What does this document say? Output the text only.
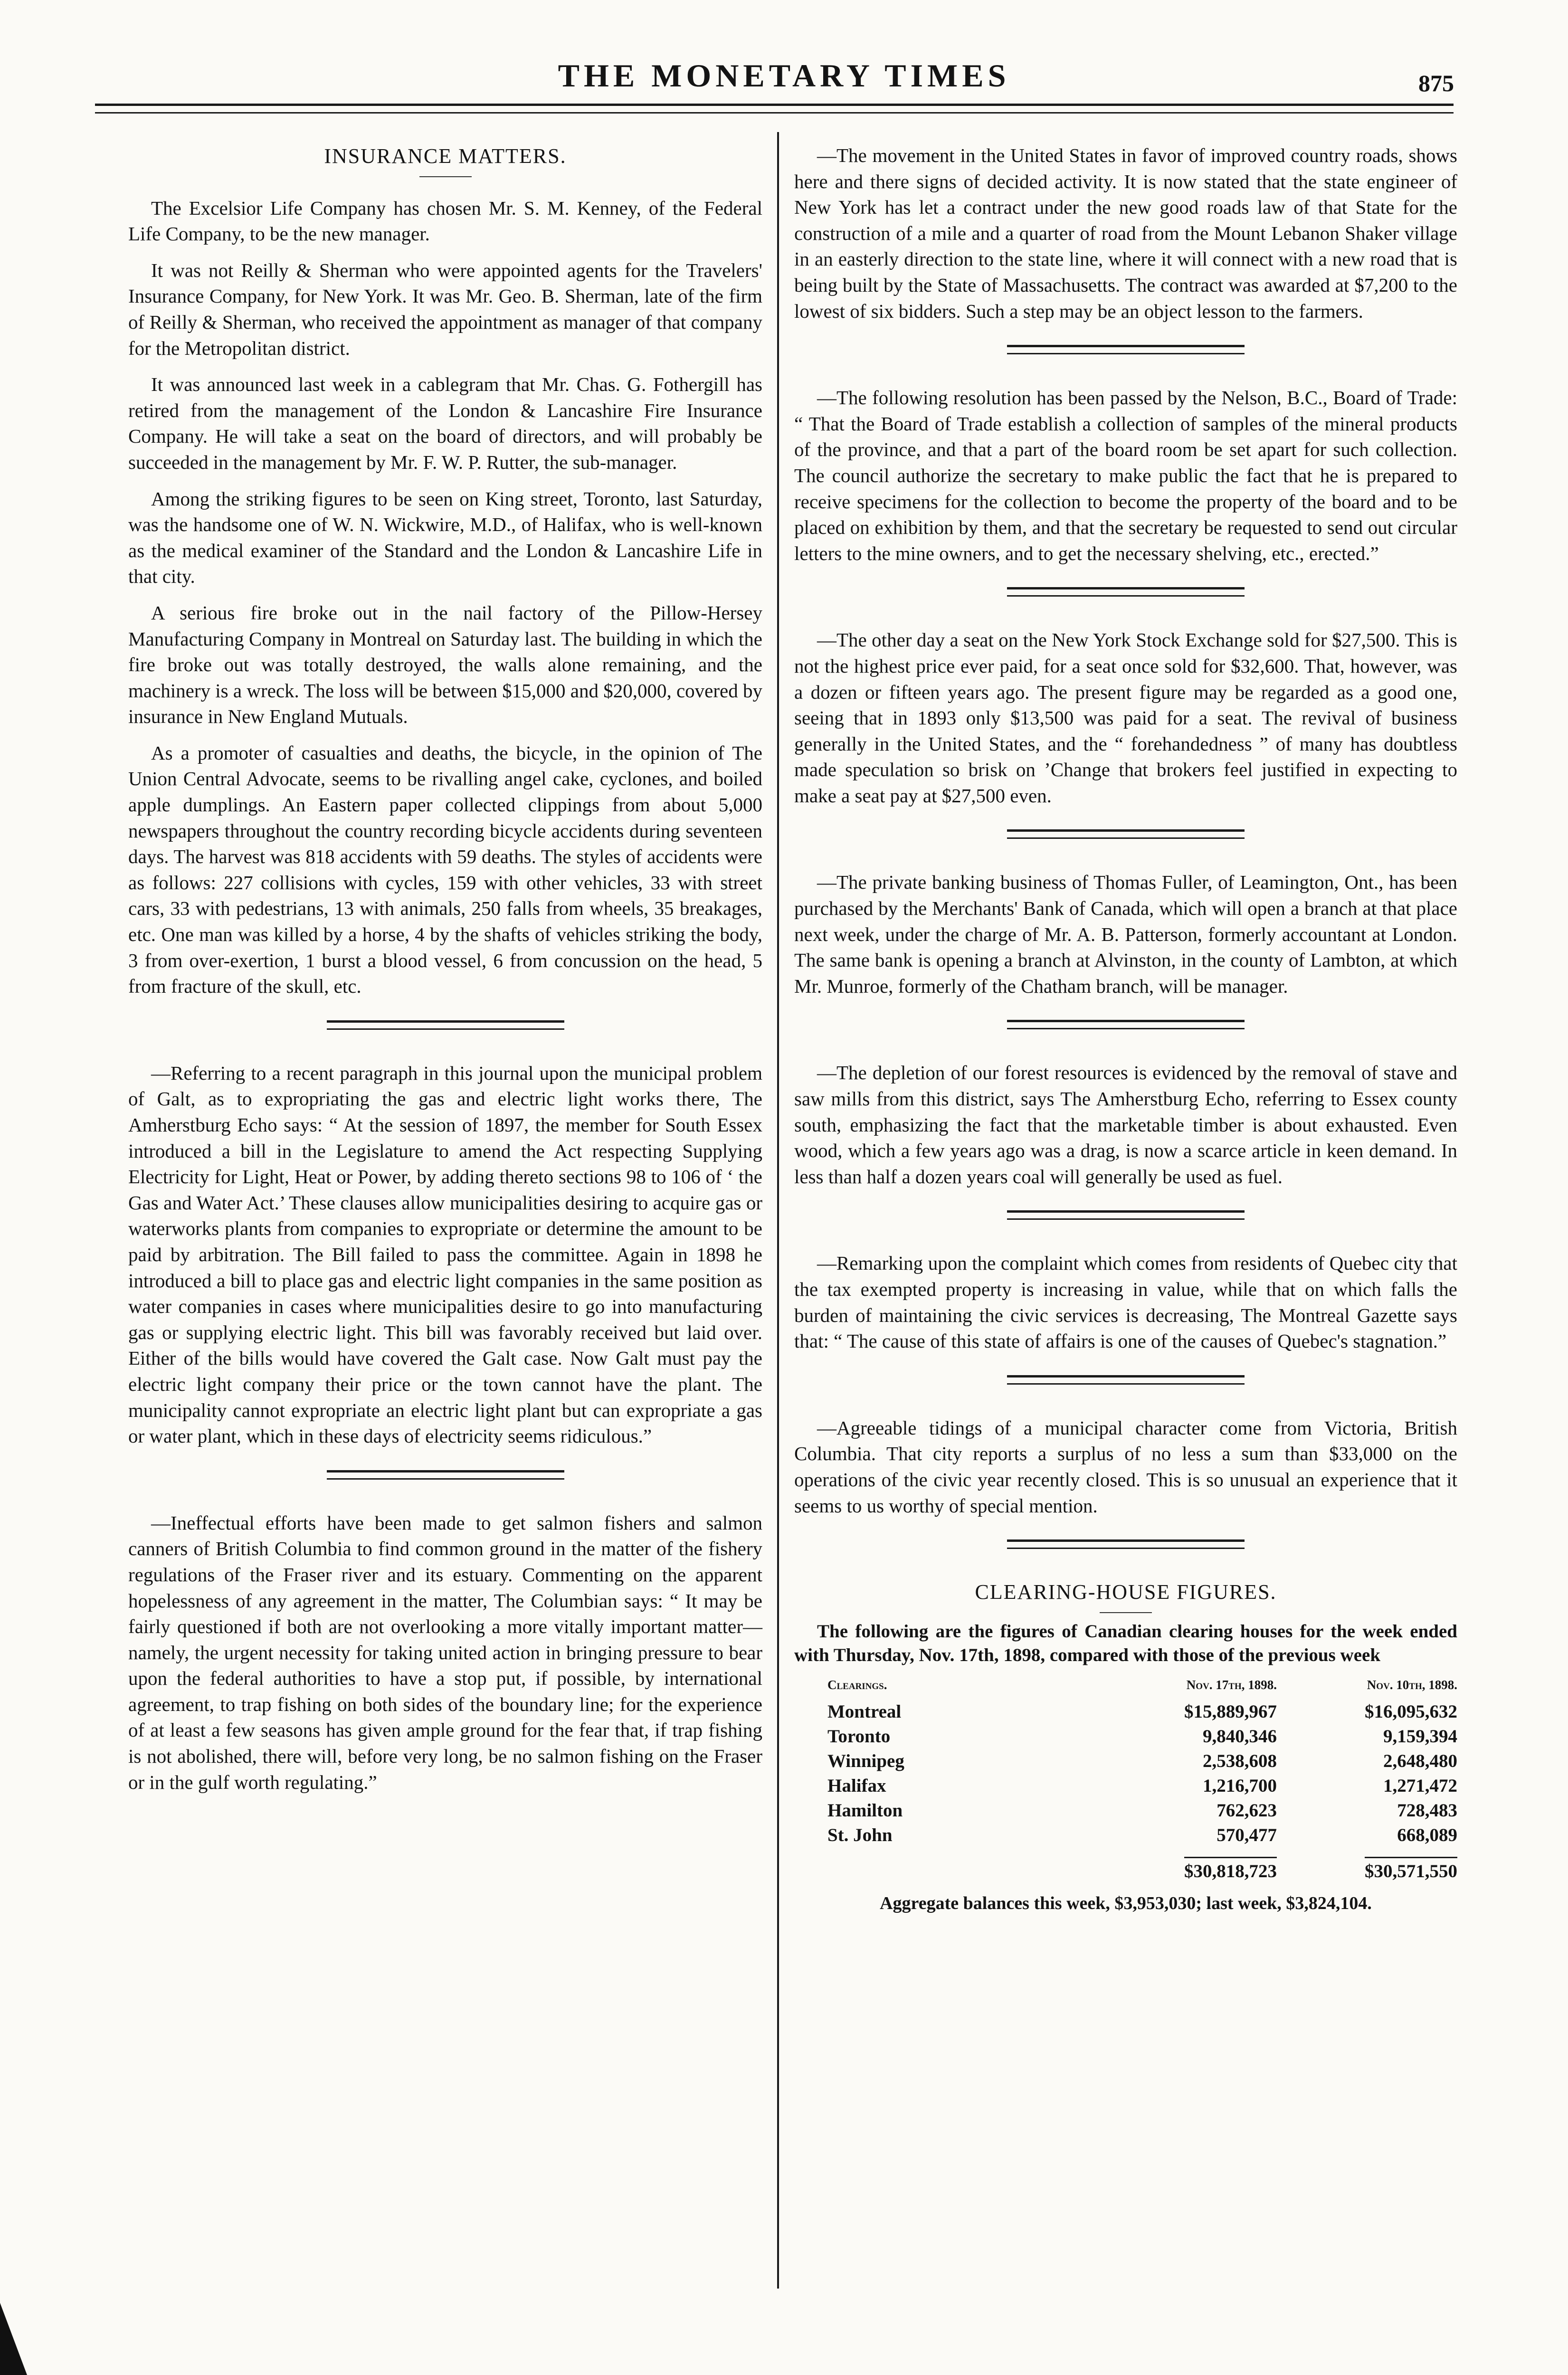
THE MONETARY TIMES	875
INSURANCE MATTERS.

The Excelsior Life Company has chosen Mr. S. M. Kenney, of the Federal Life Company, to be the new manager.

It was not Reilly & Sherman who were appointed agents for the Travelers' Insurance Company, for New York. It was Mr. Geo. B. Sherman, late of the firm of Reilly & Sherman, who received the appointment as manager of that company for the Metropolitan district.

It was announced last week in a cablegram that Mr. Chas. G. Fothergill has retired from the management of the London & Lancashire Fire Insurance Company. He will take a seat on the board of directors, and will probably be succeeded in the management by Mr. F. W. P. Rutter, the sub-manager.

Among the striking figures to be seen on King street, Toronto, last Saturday, was the handsome one of W. N. Wickwire, M.D., of Halifax, who is well-known as the medical examiner of the Standard and the London & Lancashire Life in that city.

A serious fire broke out in the nail factory of the Pillow-Hersey Manufacturing Company in Montreal on Saturday last. The building in which the fire broke out was totally destroyed, the walls alone remaining, and the machinery is a wreck. The loss will be between $15,000 and $20,000, covered by insurance in New England Mutuals.

As a promoter of casualties and deaths, the bicycle, in the opinion of The Union Central Advocate, seems to be rivalling angel cake, cyclones, and boiled apple dumplings. An Eastern paper collected clippings from about 5,000 newspapers throughout the country recording bicycle accidents during seventeen days. The harvest was 818 accidents with 59 deaths. The styles of accidents were as follows: 227 collisions with cycles, 159 with other vehicles, 33 with street cars, 33 with pedestrians, 13 with animals, 250 falls from wheels, 35 breakages, etc. One man was killed by a horse, 4 by the shafts of vehicles striking the body, 3 from over-exertion, 1 burst a blood vessel, 6 from concussion on the head, 5 from fracture of the skull, etc.

—Referring to a recent paragraph in this journal upon the municipal problem of Galt, as to expropriating the gas and electric light works there, The Amherstburg Echo says: “ At the session of 1897, the member for South Essex introduced a bill in the Legislature to amend the Act respecting Supplying Electricity for Light, Heat or Power, by adding thereto sections 98 to 106 of ‘ the Gas and Water Act.’ These clauses allow municipalities desiring to acquire gas or waterworks plants from companies to expropriate or determine the amount to be paid by arbitration. The Bill failed to pass the committee. Again in 1898 he introduced a bill to place gas and electric light companies in the same position as water companies in cases where municipalities desire to go into manufacturing gas or supplying electric light. This bill was favorably received but laid over. Either of the bills would have covered the Galt case. Now Galt must pay the electric light company their price or the town cannot have the plant. The municipality cannot expropriate an electric light plant but can expropriate a gas or water plant, which in these days of electricity seems ridiculous.”

—Ineffectual efforts have been made to get salmon fishers and salmon canners of British Columbia to find common ground in the matter of the fishery regulations of the Fraser river and its estuary. Commenting on the apparent hopelessness of any agreement in the matter, The Columbian says: “ It may be fairly questioned if both are not overlooking a more vitally important matter—namely, the urgent necessity for taking united action in bringing pressure to bear upon the federal authorities to have a stop put, if possible, by international agreement, to trap fishing on both sides of the boundary line; for the experience of at least a few seasons has given ample ground for the fear that, if trap fishing is not abolished, there will, before very long, be no salmon fishing on the Fraser or in the gulf worth regulating.”

—The movement in the United States in favor of improved country roads, shows here and there signs of decided activity. It is now stated that the state engineer of New York has let a contract under the new good roads law of that State for the construction of a mile and a quarter of road from the Mount Lebanon Shaker village in an easterly direction to the state line, where it will connect with a new road that is being built by the State of Massachusetts. The contract was awarded at $7,200 to the lowest of six bidders. Such a step may be an object lesson to the farmers.

—The following resolution has been passed by the Nelson, B.C., Board of Trade: “ That the Board of Trade establish a collection of samples of the mineral products of the province, and that a part of the board room be set apart for such collection. The council authorize the secretary to make public the fact that he is prepared to receive specimens for the collection to become the property of the board and to be placed on exhibition by them, and that the secretary be requested to send out circular letters to the mine owners, and to get the necessary shelving, etc., erected.”

—The other day a seat on the New York Stock Exchange sold for $27,500. This is not the highest price ever paid, for a seat once sold for $32,600. That, however, was a dozen or fifteen years ago. The present figure may be regarded as a good one, seeing that in 1893 only $13,500 was paid for a seat. The revival of business generally in the United States, and the “ forehandedness ” of many has doubtless made speculation so brisk on ’Change that brokers feel justified in expecting to make a seat pay at $27,500 even.

—The private banking business of Thomas Fuller, of Leamington, Ont., has been purchased by the Merchants' Bank of Canada, which will open a branch at that place next week, under the charge of Mr. A. B. Patterson, formerly accountant at London. The same bank is opening a branch at Alvinston, in the county of Lambton, at which Mr. Munroe, formerly of the Chatham branch, will be manager.

—The depletion of our forest resources is evidenced by the removal of stave and saw mills from this district, says The Amherstburg Echo, referring to Essex county south, emphasizing the fact that the marketable timber is about exhausted. Even wood, which a few years ago was a drag, is now a scarce article in keen demand. In less than half a dozen years coal will generally be used as fuel.

—Remarking upon the complaint which comes from residents of Quebec city that the tax exempted property is increasing in value, while that on which falls the burden of maintaining the civic services is decreasing, The Montreal Gazette says that: “ The cause of this state of affairs is one of the causes of Quebec's stagnation.”

—Agreeable tidings of a municipal character come from Victoria, British Columbia. That city reports a surplus of no less a sum than $33,000 on the operations of the civic year recently closed. This is so unusual an experience that it seems to us worthy of special mention.

CLEARING-HOUSE FIGURES.

The following are the figures of Canadian clearing houses for the week ended with Thursday, Nov. 17th, 1898, compared with those of the previous week

Clearings.	Nov. 17th, 1898.	Nov. 10th, 1898.
Montreal	$15,889,967	$16,095,632
Toronto	9,840,346	9,159,394
Winnipeg	2,538,608	2,648,480
Halifax	1,216,700	1,271,472
Hamilton	762,623	728,483
St. John	570,477	668,089
	$30,818,723	$30,571,550
Aggregate balances this week, $3,953,030; last week, $3,824,104.
